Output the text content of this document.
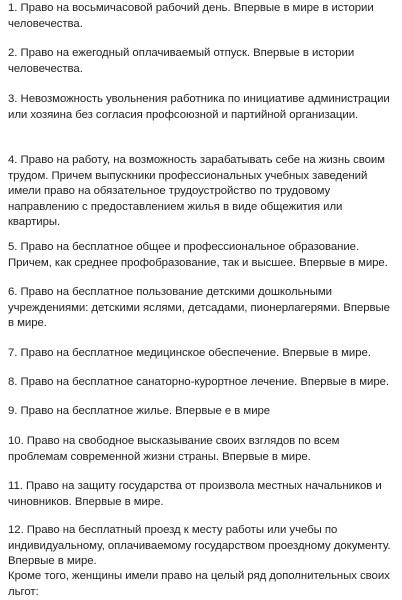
1. Право на восьмичасовой рабочий день. Впервые в мире в истории человечества.

2. Право на ежегодный оплачиваемый отпуск. Впервые в истории человечества.

3. Невозможность увольнения работника по инициативе администрации или хозяина без согласия профсоюзной и партийной организации.

4. Право на работу, на возможность зарабатывать себе на жизнь своим трудом. Причем выпускники профессиональных учебных заведений имели право на обязательное трудоустройство по трудовому направлению с предоставлением жилья в виде общежития или квартиры.

5. Право на бесплатное общее и профессиональное образование. Причем, как среднее профобразование, так и высшее. Впервые в мире.

6. Право на бесплатное пользование детскими дошкольными учреждениями: детскими яслями, детсадами, пионерлагерями. Впервые в мире.

7. Право на бесплатное медицинское обеспечение. Впервые в мире.

8. Право на бесплатное санаторно-курортное лечение. Впервые в мире.

9. Право на бесплатное жилье. Впервые е в мире

10. Право на свободное высказывание своих взглядов по всем проблемам современной жизни страны. Впервые в мире.

11. Право на защиту государства от произвола местных начальников и чиновников. Впервые в мире.

12. Право на бесплатный проезд к месту работы или учебы по индивидуальному, оплачиваемому государством проездному документу. Впервые в мире.

Кроме того, женщины имели право на целый ряд дополнительных своих льгот:
